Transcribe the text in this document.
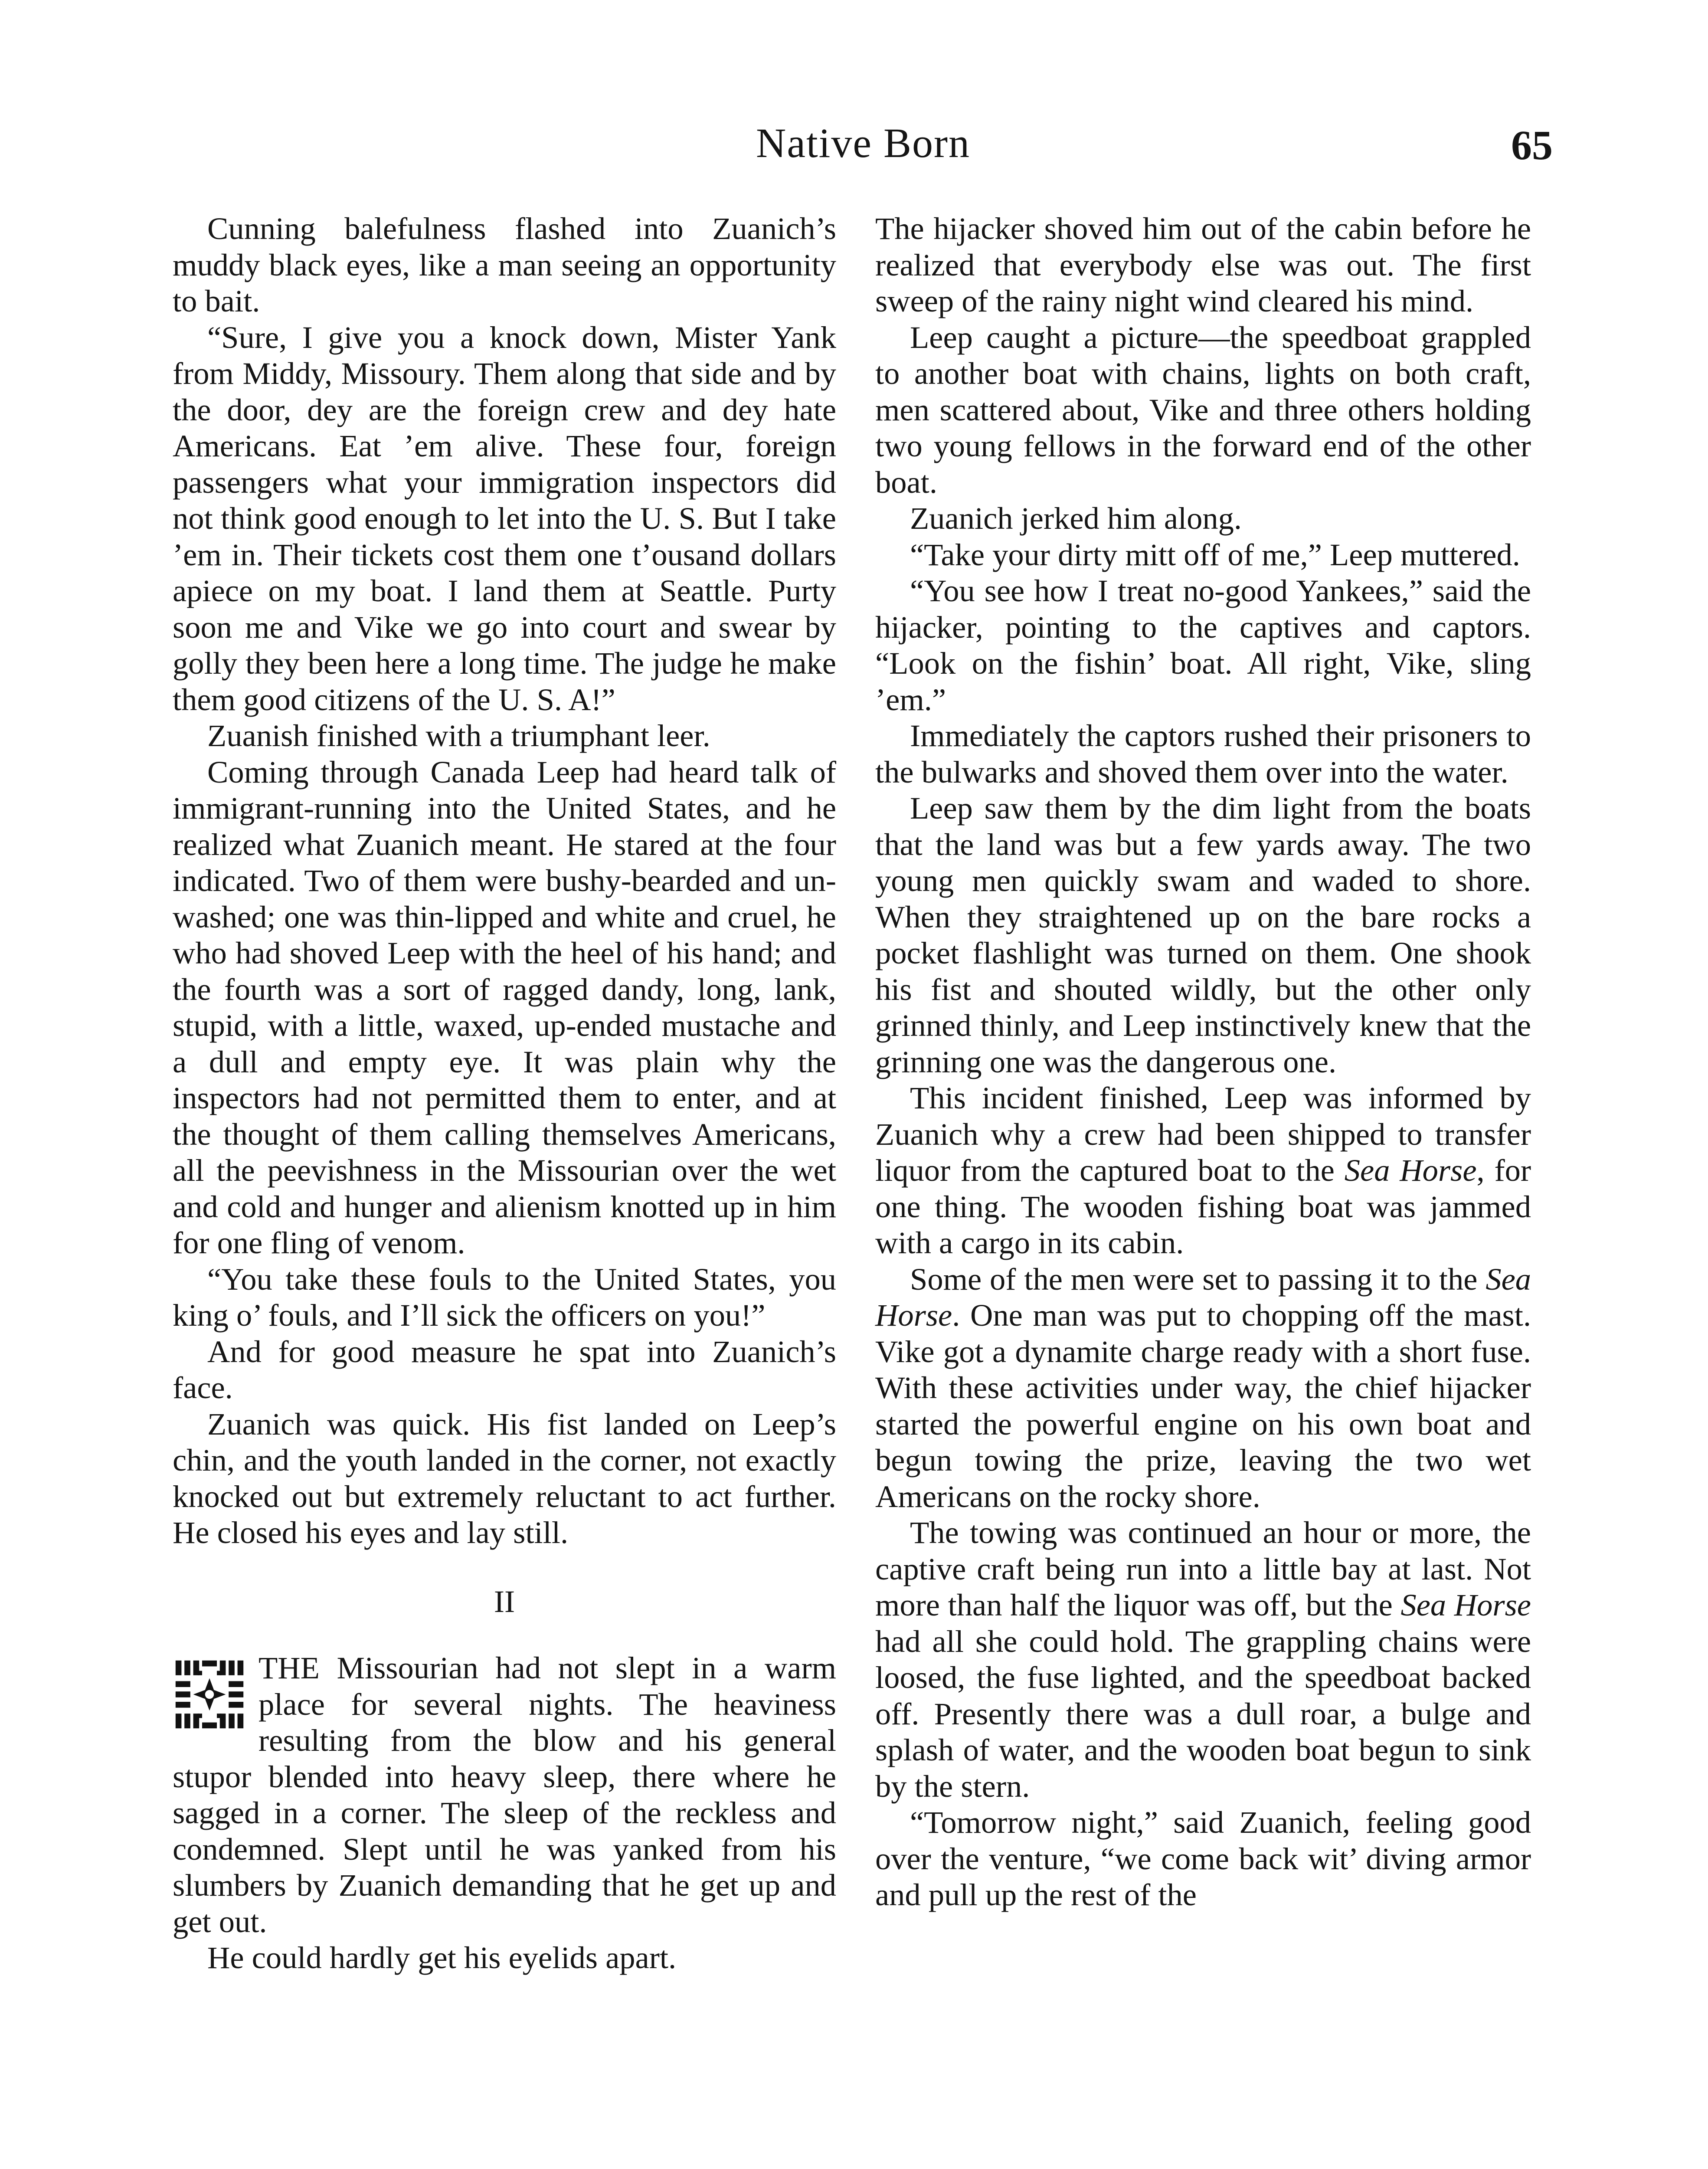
Native Born	65

Cunning balefulness flashed into Zuanich’s muddy black eyes, like a man seeing an opportunity to bait.

“Sure, I give you a knock down, Mister Yank from Middy, Missoury. Them along that side and by the door, dey are the foreign crew and dey hate Americans. Eat ’em alive. These four, foreign passengers what your immigration inspectors did not think good enough to let into the U. S. But I take ’em in. Their tickets cost them one t’ousand dollars apiece on my boat. I land them at Seattle. Purty soon me and Vike we go into court and swear by golly they been here a long time. The judge he make them good citizens of the U. S. A!”

Zuanish finished with a triumphant leer.

Coming through Canada Leep had heard talk of immigrant-running into the United States, and he realized what Zuanich meant. He stared at the four indicated. Two of them were bushy-bearded and unwashed; one was thin-lipped and white and cruel, he who had shoved Leep with the heel of his hand; and the fourth was a sort of ragged dandy, long, lank, stupid, with a little, waxed, up-ended mustache and a dull and empty eye. It was plain why the inspectors had not permitted them to enter, and at the thought of them calling themselves Americans, all the peevishness in the Missourian over the wet and cold and hunger and alienism knotted up in him for one fling of venom.

“You take these fouls to the United States, you king o’ fouls, and I’ll sick the officers on you!”

And for good measure he spat into Zuanich’s face.

Zuanich was quick. His fist landed on Leep’s chin, and the youth landed in the corner, not exactly knocked out but extremely reluctant to act further. He closed his eyes and lay still.

II

THE Missourian had not slept in a warm place for several nights. The heaviness resulting from the blow and his general stupor blended into heavy sleep, there where he sagged in a corner. The sleep of the reckless and condemned. Slept until he was yanked from his slumbers by Zuanich demanding that he get up and get out.

He could hardly get his eyelids apart.

The hijacker shoved him out of the cabin before he realized that everybody else was out. The first sweep of the rainy night wind cleared his mind.

Leep caught a picture—the speedboat grappled to another boat with chains, lights on both craft, men scattered about, Vike and three others holding two young fellows in the forward end of the other boat.

Zuanich jerked him along.

“Take your dirty mitt off of me,” Leep muttered.

“You see how I treat no-good Yankees,” said the hijacker, pointing to the captives and captors. “Look on the fishin’ boat. All right, Vike, sling ’em.”

Immediately the captors rushed their prisoners to the bulwarks and shoved them over into the water.

Leep saw them by the dim light from the boats that the land was but a few yards away. The two young men quickly swam and waded to shore. When they straightened up on the bare rocks a pocket flashlight was turned on them. One shook his fist and shouted wildly, but the other only grinned thinly, and Leep instinctively knew that the grinning one was the dangerous one.

This incident finished, Leep was informed by Zuanich why a crew had been shipped to transfer liquor from the captured boat to the Sea Horse, for one thing. The wooden fishing boat was jammed with a cargo in its cabin.

Some of the men were set to passing it to the Sea Horse. One man was put to chopping off the mast. Vike got a dynamite charge ready with a short fuse. With these activities under way, the chief hijacker started the powerful engine on his own boat and begun towing the prize, leaving the two wet Americans on the rocky shore.

The towing was continued an hour or more, the captive craft being run into a little bay at last. Not more than half the liquor was off, but the Sea Horse had all she could hold. The grappling chains were loosed, the fuse lighted, and the speedboat backed off. Presently there was a dull roar, a bulge and splash of water, and the wooden boat begun to sink by the stern.

“Tomorrow night,” said Zuanich, feeling good over the venture, “we come back wit’ diving armor and pull up the rest of the
